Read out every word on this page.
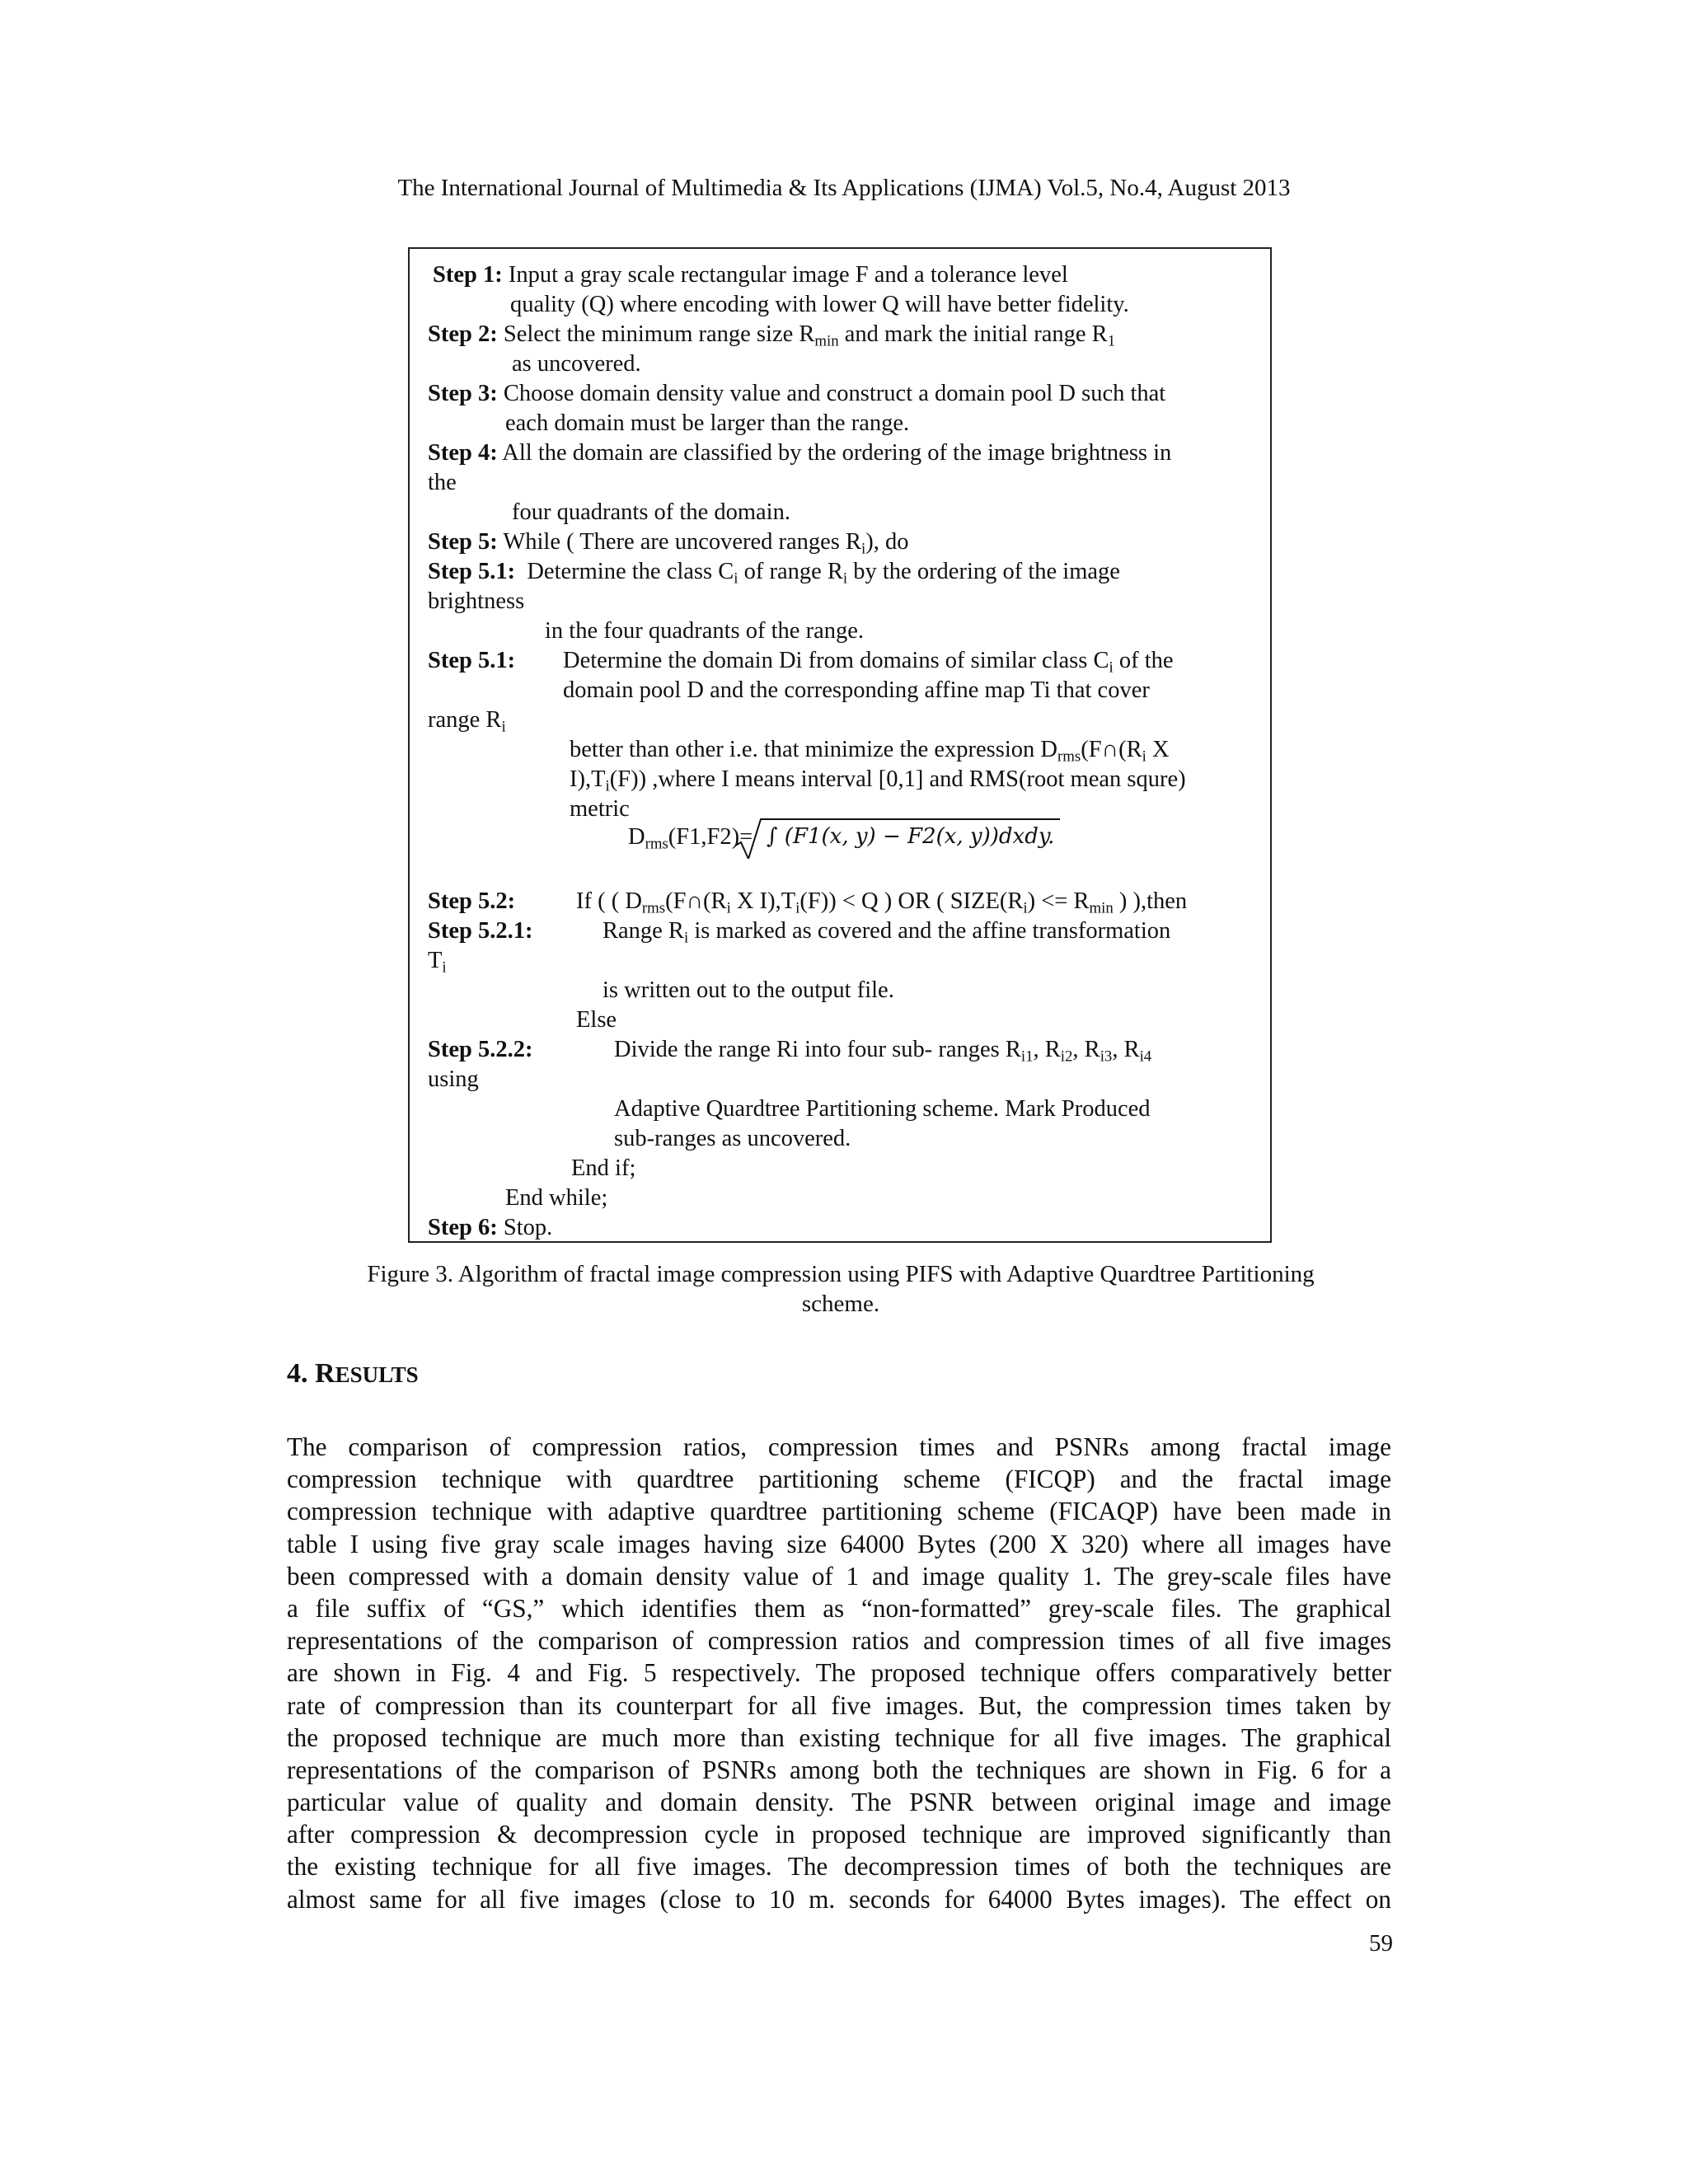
The International Journal of Multimedia & Its Applications (IJMA) Vol.5, No.4, August 2013
Step 1: Input a gray scale rectangular image F and a tolerance level
quality (Q) where encoding with lower Q will have better fidelity.
Step 2: Select the minimum range size $R_{min}$ and mark the initial range $R_1$
as uncovered.
Step 3: Choose domain density value and construct a domain pool D such that
each domain must be larger than the range.
Step 4: All the domain are classified by the ordering of the image brightness in
the
four quadrants of the domain.
Step 5: While ( There are uncovered ranges $R_i$), do
Step 5.1: Determine the class $C_i$ of range $R_i$ by the ordering of the image
brightness
in the four quadrants of the range.
Step 5.1: Determine the domain Di from domains of similar class $C_i$ of the
domain pool D and the corresponding affine map Ti that cover
range $R_i$
better than other i.e. that minimize the expression $D_{rms}(F\cap(R_i$ X
$I),T_i(F)$) ,where I means interval [0,1] and RMS(root mean squre)
metric
$D_{rms}(F1,F2)=$ ∫ (F1(x, y) − F2(x, y))dxdy.
Step 5.2:	If ( ( $D_{rms}(F\cap(R_i$ X $I),T_i(F)) < Q$ ) OR ( $SIZE(R_i) <= R_{min}$ ) ),then
Step 5.2.1:	Range $R_i$ is marked as covered and the affine transformation
$T_i$
is written out to the output file.
Else
Step 5.2.2:	Divide the range Ri into four sub- ranges $R_{i1}$, $R_{i2}$, $R_{i3}$, $R_{i4}$
using
Adaptive Quardtree Partitioning scheme. Mark Produced
sub-ranges as uncovered.
End if;
End while;
Step 6: Stop.
Figure 3. Algorithm of fractal image compression using PIFS with Adaptive Quardtree Partitioning
scheme.
4. RESULTS
The comparison of compression ratios, compression times and PSNRs among fractal image
compression technique with quardtree partitioning scheme (FICQP) and the fractal image
compression technique with adaptive quardtree partitioning scheme (FICAQP) have been made in
table I using five gray scale images having size 64000 Bytes (200 X 320) where all images have
been compressed with a domain density value of 1 and image quality 1. The grey-scale files have
a file suffix of “GS,” which identifies them as “non-formatted” grey-scale files. The graphical
representations of the comparison of compression ratios and compression times of all five images
are shown in Fig. 4 and Fig. 5 respectively. The proposed technique offers comparatively better
rate of compression than its counterpart for all five images. But, the compression times taken by
the proposed technique are much more than existing technique for all five images. The graphical
representations of the comparison of PSNRs among both the techniques are shown in Fig. 6 for a
particular value of quality and domain density. The PSNR between original image and image
after compression & decompression cycle in proposed technique are improved significantly than
the existing technique for all five images. The decompression times of both the techniques are
almost same for all five images (close to 10 m. seconds for 64000 Bytes images). The effect on
59
